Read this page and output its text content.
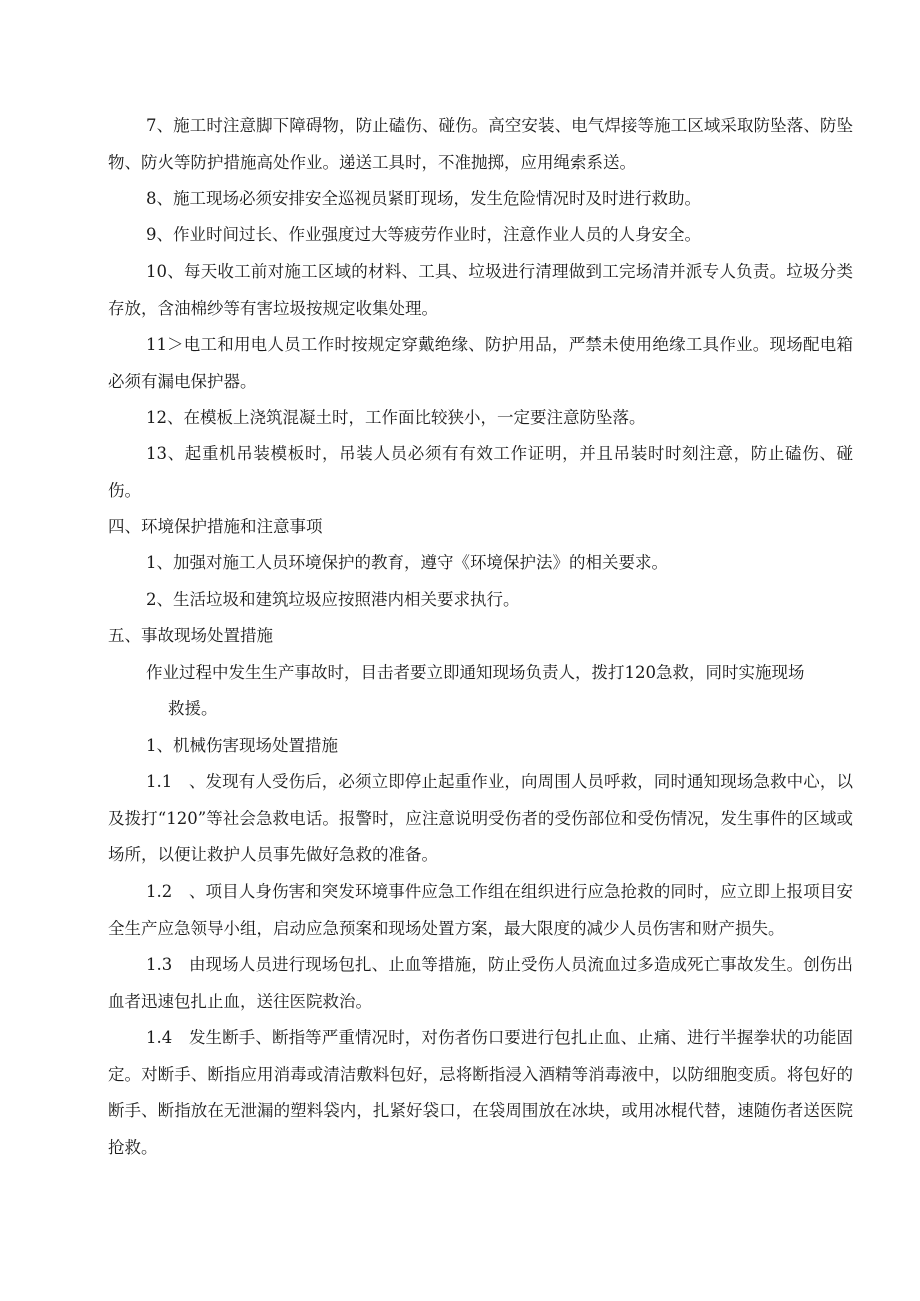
7、施工时注意脚下障碍物，防止磕伤、碰伤。高空安装、电气焊接等施工区域采取防坠落、防坠物、防火等防护措施高处作业。递送工具时，不准抛掷，应用绳索系送。

8、施工现场必须安排安全巡视员紧盯现场，发生危险情况时及时进行救助。

9、作业时间过长、作业强度过大等疲劳作业时，注意作业人员的人身安全。

10、每天收工前对施工区域的材料、工具、垃圾进行清理做到工完场清并派专人负责。垃圾分类存放，含油棉纱等有害垃圾按规定收集处理。

11＞电工和用电人员工作时按规定穿戴绝缘、防护用品，严禁未使用绝缘工具作业。现场配电箱必须有漏电保护器。

12、在模板上浇筑混凝土时，工作面比较狭小，一定要注意防坠落。

13、起重机吊装模板时，吊装人员必须有有效工作证明，并且吊装时时刻注意，防止磕伤、碰伤。

四、环境保护措施和注意事项

1、加强对施工人员环境保护的教育，遵守《环境保护法》的相关要求。

2、生活垃圾和建筑垃圾应按照港内相关要求执行。

五、事故现场处置措施

作业过程中发生生产事故时，目击者要立即通知现场负责人，拨打120急救，同时实施现场

救援。

1、机械伤害现场处置措施

1.1　、发现有人受伤后，必须立即停止起重作业，向周围人员呼救，同时通知现场急救中心，以及拨打“120”等社会急救电话。报警时，应注意说明受伤者的受伤部位和受伤情况，发生事件的区域或场所，以便让救护人员事先做好急救的准备。

1.2　、项目人身伤害和突发环境事件应急工作组在组织进行应急抢救的同时，应立即上报项目安全生产应急领导小组，启动应急预案和现场处置方案，最大限度的减少人员伤害和财产损失。

1.3　由现场人员进行现场包扎、止血等措施，防止受伤人员流血过多造成死亡事故发生。创伤出血者迅速包扎止血，送往医院救治。

1.4　发生断手、断指等严重情况时，对伤者伤口要进行包扎止血、止痛、进行半握拳状的功能固定。对断手、断指应用消毒或清洁敷料包好，忌将断指浸入酒精等消毒液中，以防细胞变质。将包好的断手、断指放在无泄漏的塑料袋内，扎紧好袋口，在袋周围放在冰块，或用冰棍代替，速随伤者送医院抢救。
